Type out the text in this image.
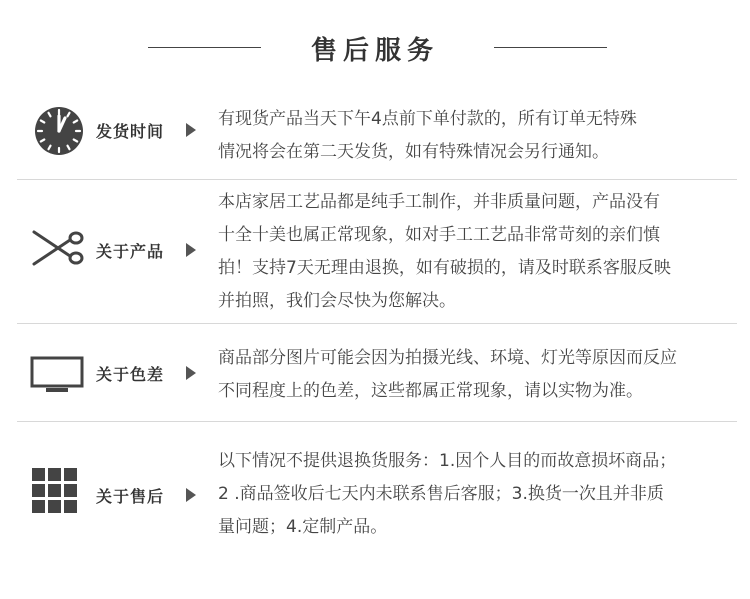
售后服务
发货时间

有现货产品当天下午4点前下单付款的，所有订单无特殊

情况将会在第二天发货，如有特殊情况会另行通知。

关于产品

本店家居工艺品都是纯手工制作，并非质量问题，产品没有

十全十美也属正常现象，如对手工工艺品非常苛刻的亲们慎

拍！支持7天无理由退换，如有破损的，请及时联系客服反映

并拍照，我们会尽快为您解决。

关于色差

商品部分图片可能会因为拍摄光线、环境、灯光等原因而反应

不同程度上的色差，这些都属正常现象，请以实物为准。

关于售后

以下情况不提供退换货服务：1.因个人目的而故意损坏商品；

2 .商品签收后七天内未联系售后客服；3.换货一次且并非质

量问题；4.定制产品。
